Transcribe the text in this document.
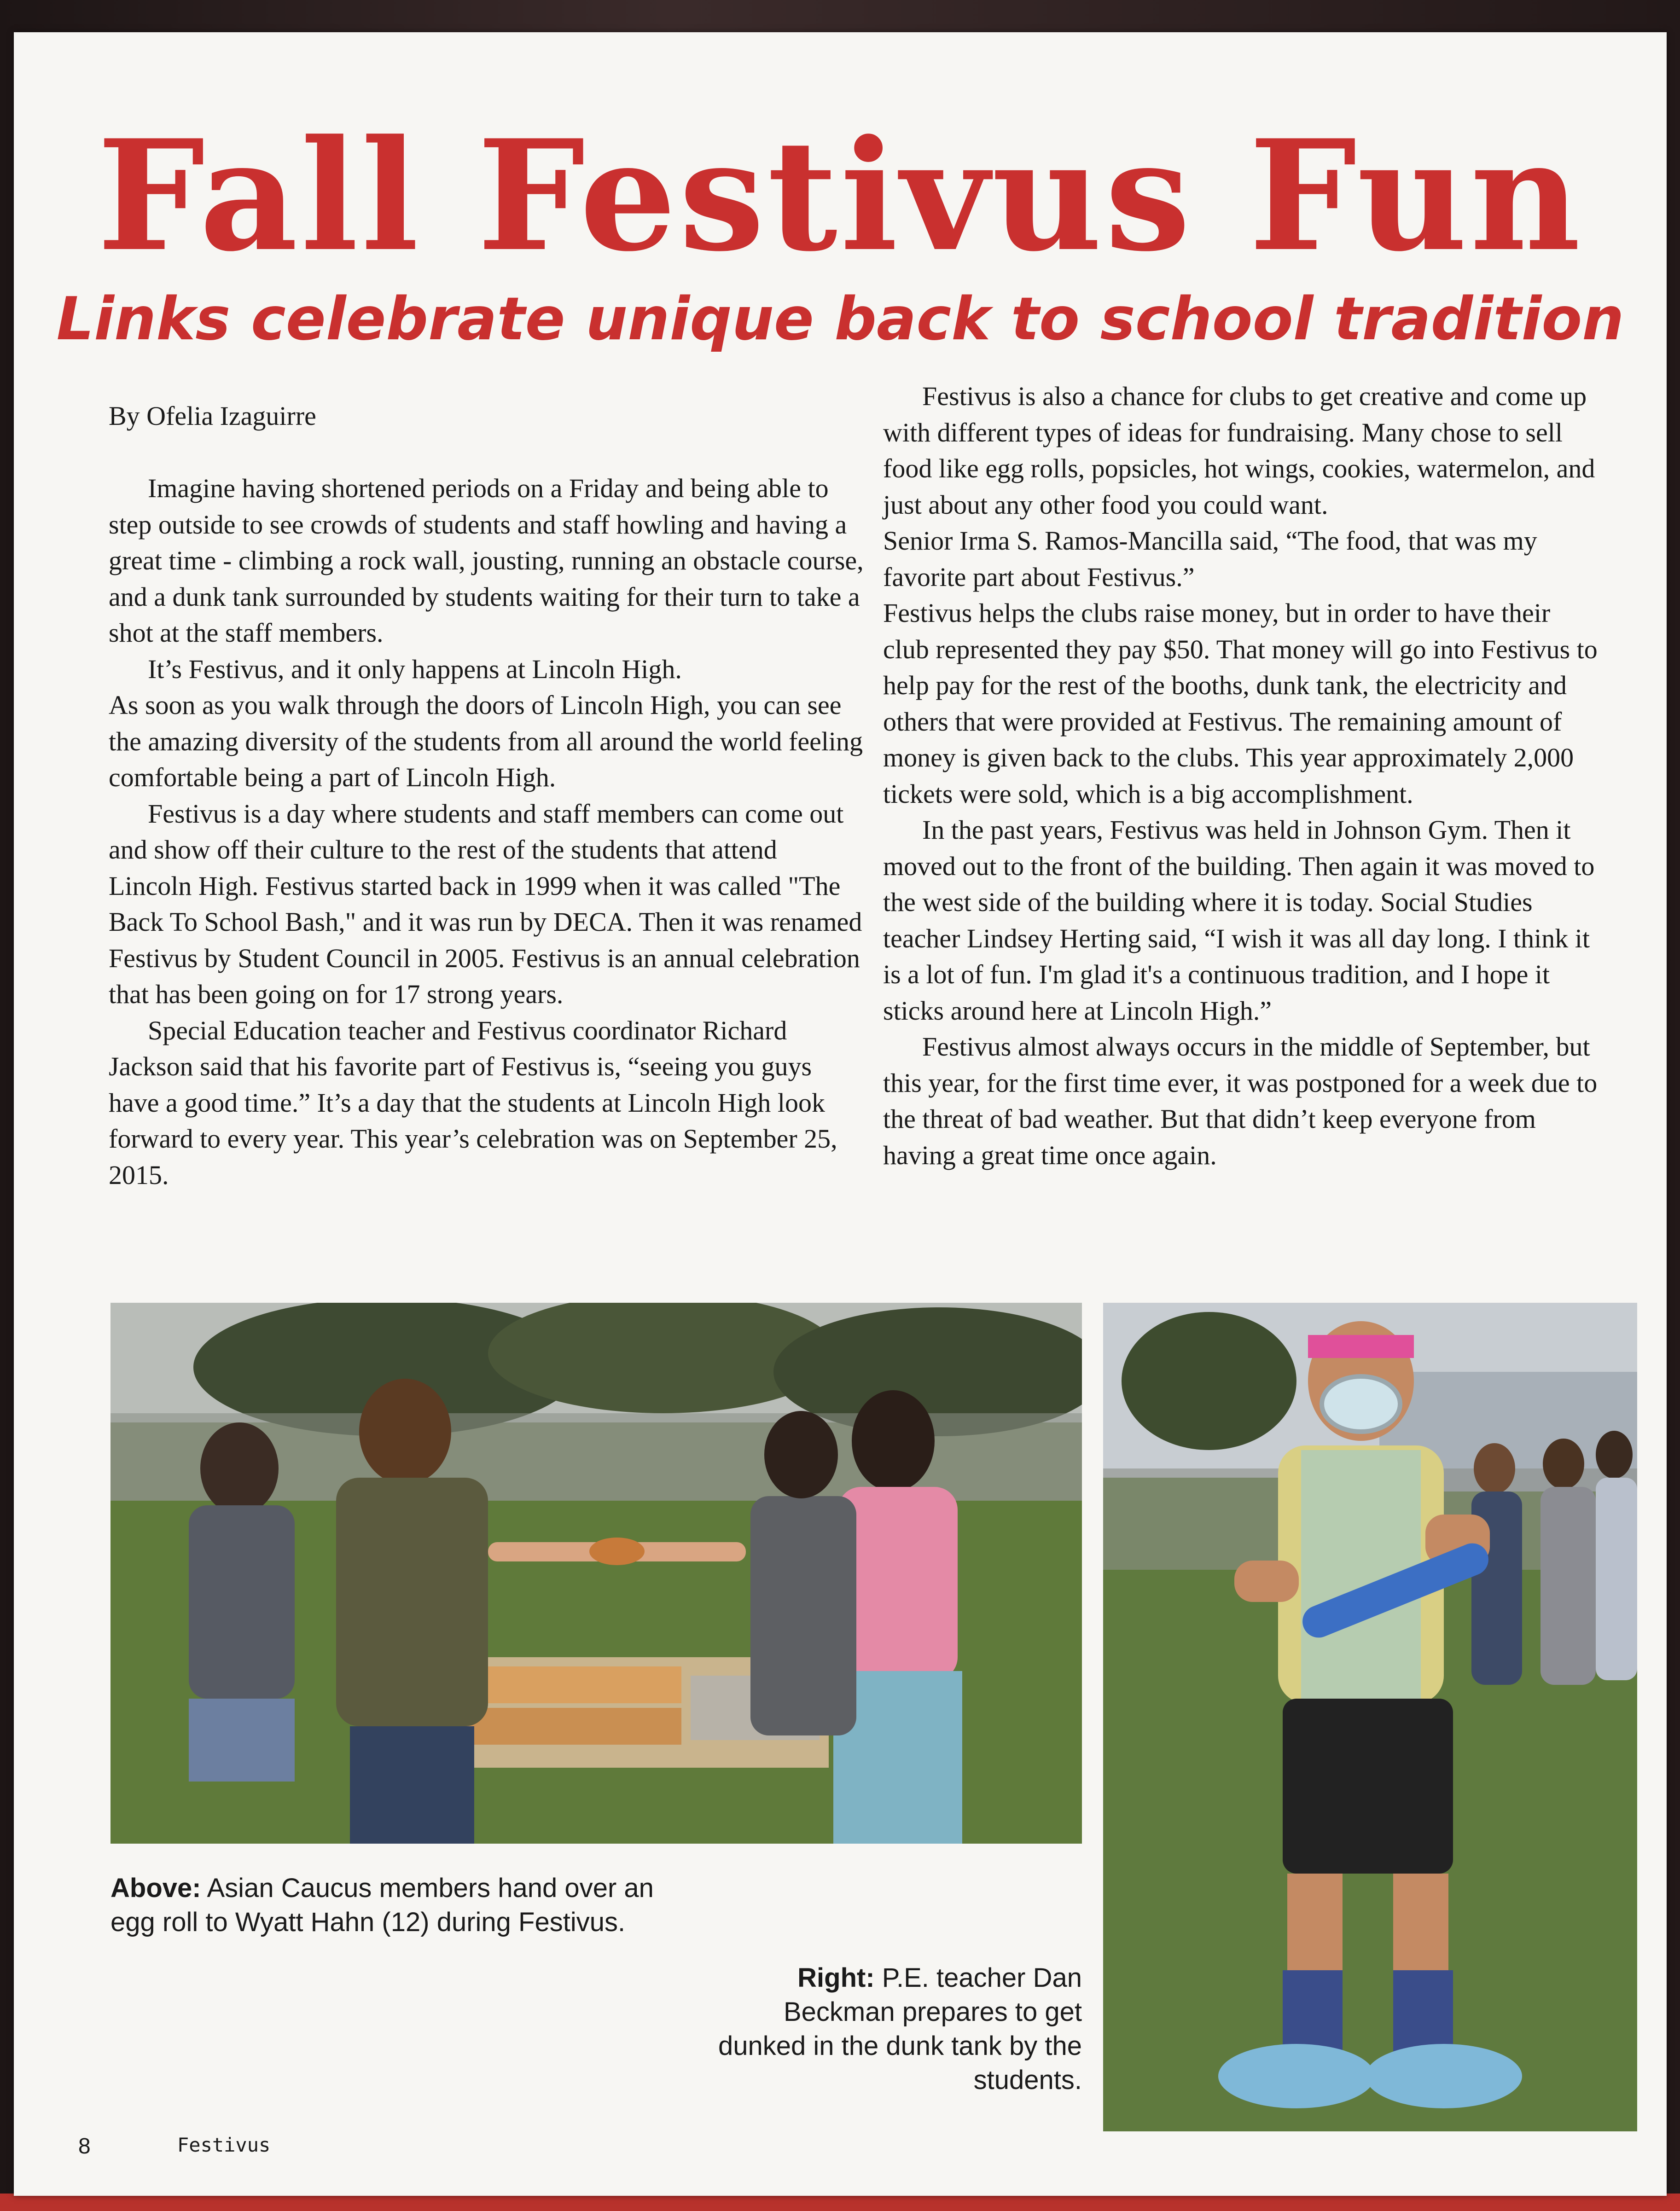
Fall Festivus Fun
Links celebrate unique back to school tradition
By Ofelia Izaguirre

Imagine having shortened periods on a Friday and being able to step outside to see crowds of students and staff howling and having a great time - climbing a rock wall, jousting, running an obstacle course, and a dunk tank surrounded by students waiting for their turn to take a shot at the staff members.

It’s Festivus, and it only happens at Lincoln High.

As soon as you walk through the doors of Lincoln High, you can see the amazing diversity of the students from all around the world feeling comfortable being a part of Lincoln High.

Festivus is a day where students and staff members can come out and show off their culture to the rest of the students that attend Lincoln High. Festivus started back in 1999 when it was called "The Back To School Bash," and it was run by DECA. Then it was renamed Festivus by Student Council in 2005. Festivus is an annual celebration that has been going on for 17 strong years.

Special Education teacher and Festivus coordinator Richard Jackson said that his favorite part of Festivus is, “seeing you guys have a good time.” It’s a day that the students at Lincoln High look forward to every year. This year’s celebration was on September 25, 2015.

Festivus is also a chance for clubs to get creative and come up with different types of ideas for fundraising. Many chose to sell food like egg rolls, popsicles, hot wings, cookies, watermelon, and just about any other food you could want.

Senior Irma S. Ramos-Mancilla said, “The food, that was my favorite part about Festivus.”

Festivus helps the clubs raise money, but in order to have their club represented they pay $50. That money will go into Festivus to help pay for the rest of the booths, dunk tank, the electricity and others that were provided at Festivus. The remaining amount of money is given back to the clubs. This year approximately 2,000 tickets were sold, which is a big accomplishment.

In the past years, Festivus was held in Johnson Gym. Then it moved out to the front of the building. Then again it was moved to the west side of the building where it is today. Social Studies teacher Lindsey Herting said, “I wish it was all day long. I think it is a lot of fun. I'm glad it's a continuous tradition, and I hope it sticks around here at Lincoln High.”

Festivus almost always occurs in the middle of September, but this year, for the first time ever, it was postponed for a week due to the threat of bad weather. But that didn’t keep everyone from having a great time once again.

Above: Asian Caucus members hand over an egg roll to Wyatt Hahn (12) during Festivus.
Right: P.E. teacher Dan Beckman prepares to get dunked in the dunk tank by the students.
8	Festivus
